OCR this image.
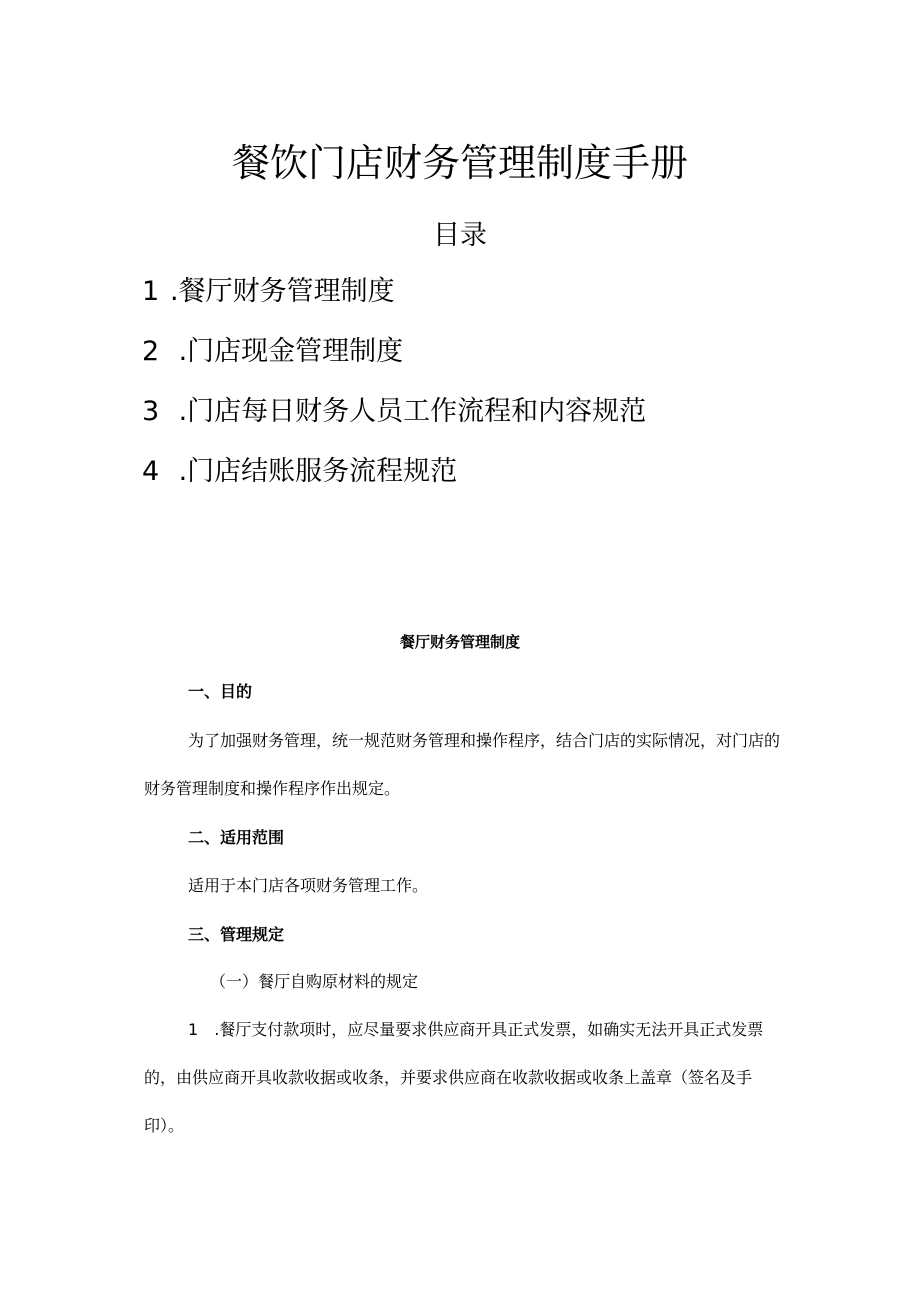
餐饮门店财务管理制度手册
目录
1 .餐厅财务管理制度
2 .门店现金管理制度
3 .门店每日财务人员工作流程和内容规范
4 .门店结账服务流程规范
餐厅财务管理制度
一、目的

为了加强财务管理，统一规范财务管理和操作程序，结合门店的实际情况，对门店的财务管理制度和操作程序作出规定。

二、适用范围
适用于本门店各项财务管理工作。
三、管理规定
（一）餐厅自购原材料的规定

1 .餐厅支付款项时，应尽量要求供应商开具正式发票，如确实无法开具正式发票的，由供应商开具收款收据或收条，并要求供应商在收款收据或收条上盖章（签名及手印）。
